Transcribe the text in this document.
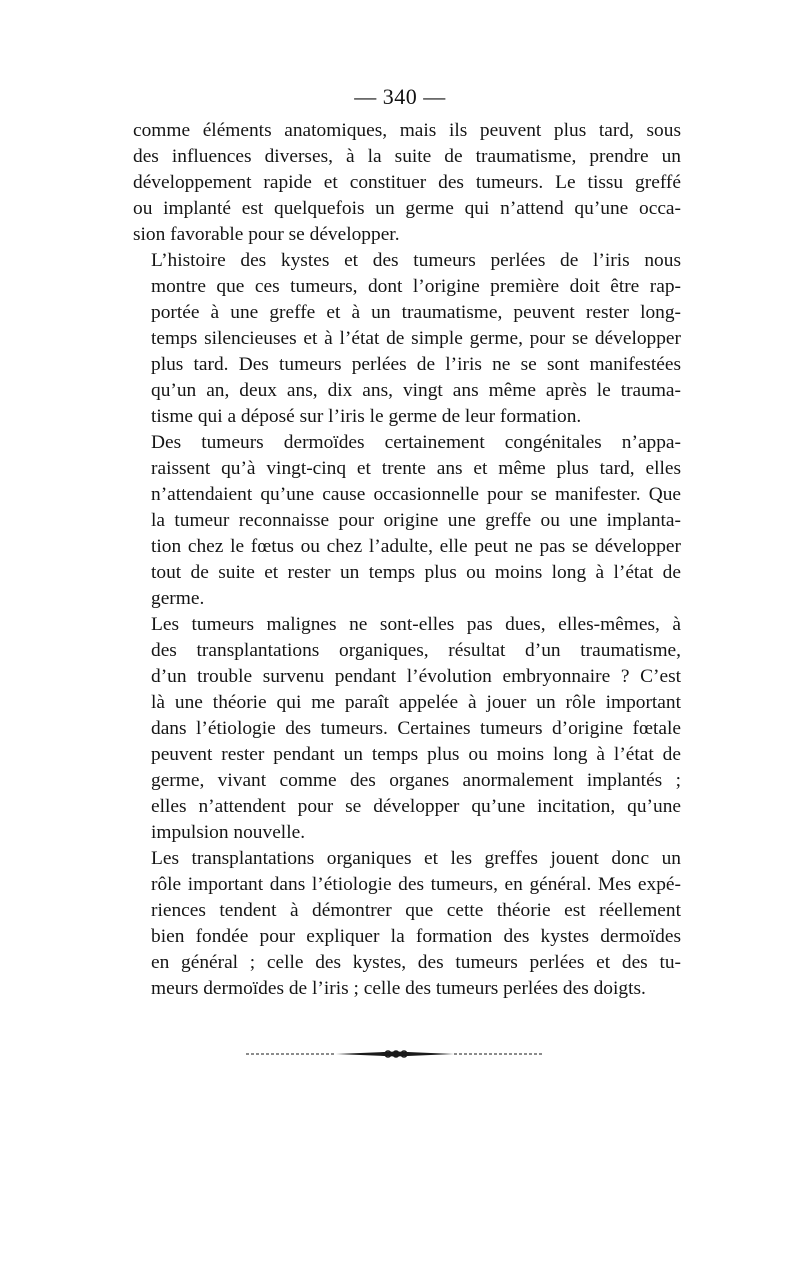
— 340 —

comme éléments anatomiques, mais ils peuvent plus tard, sous
des influences diverses, à la suite de traumatisme, prendre un
développement rapide et constituer des tumeurs. Le tissu greffé
ou implanté est quelquefois un germe qui n’attend qu’une occa-
sion favorable pour se développer.

L’histoire des kystes et des tumeurs perlées de l’iris nous
montre que ces tumeurs, dont l’origine première doit être rap-
portée à une greffe et à un traumatisme, peuvent rester long-
temps silencieuses et à l’état de simple germe, pour se développer
plus tard. Des tumeurs perlées de l’iris ne se sont manifestées
qu’un an, deux ans, dix ans, vingt ans même après le trauma-
tisme qui a déposé sur l’iris le germe de leur formation.

Des tumeurs dermoïdes certainement congénitales n’appa-
raissent qu’à vingt-cinq et trente ans et même plus tard, elles
n’attendaient qu’une cause occasionnelle pour se manifester. Que
la tumeur reconnaisse pour origine une greffe ou une implanta-
tion chez le fœtus ou chez l’adulte, elle peut ne pas se développer
tout de suite et rester un temps plus ou moins long à l’état de
germe.

Les tumeurs malignes ne sont-elles pas dues, elles-mêmes, à
des transplantations organiques, résultat d’un traumatisme,
d’un trouble survenu pendant l’évolution embryonnaire ? C’est
là une théorie qui me paraît appelée à jouer un rôle important
dans l’étiologie des tumeurs. Certaines tumeurs d’origine fœtale
peuvent rester pendant un temps plus ou moins long à l’état de
germe, vivant comme des organes anormalement implantés ;
elles n’attendent pour se développer qu’une incitation, qu’une
impulsion nouvelle.

Les transplantations organiques et les greffes jouent donc un
rôle important dans l’étiologie des tumeurs, en général. Mes expé-
riences tendent à démontrer que cette théorie est réellement
bien fondée pour expliquer la formation des kystes dermoïdes
en général ; celle des kystes, des tumeurs perlées et des tu-
meurs dermoïdes de l’iris ; celle des tumeurs perlées des doigts.
